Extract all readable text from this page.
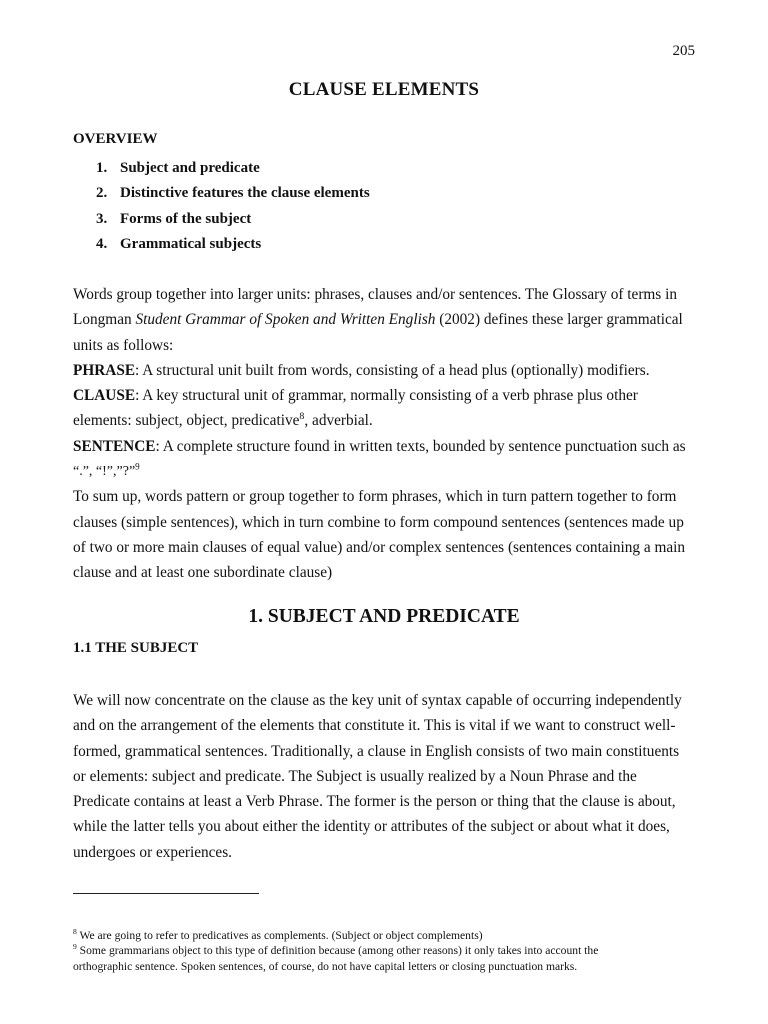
205
CLAUSE ELEMENTS
OVERVIEW
1. Subject and predicate
2. Distinctive features the clause elements
3. Forms of the subject
4. Grammatical subjects
Words group together into larger units: phrases, clauses and/or sentences. The Glossary of terms in
Longman Student Grammar of Spoken and Written English (2002) defines these larger grammatical
units as follows:
PHRASE: A structural unit built from words, consisting of a head plus (optionally) modifiers.
CLAUSE: A key structural unit of grammar, normally consisting of a verb phrase plus other
elements: subject, object, predicative$^8$, adverbial.
SENTENCE: A complete structure found in written texts, bounded by sentence punctuation such as
“.”, “!”,”?”$^9$
To sum up, words pattern or group together to form phrases, which in turn pattern together to form
clauses (simple sentences), which in turn combine to form compound sentences (sentences made up
of two or more main clauses of equal value) and/or complex sentences (sentences containing a main
clause and at least one subordinate clause)
1. SUBJECT AND PREDICATE
1.1 THE SUBJECT
We will now concentrate on the clause as the key unit of syntax capable of occurring independently
and on the arrangement of the elements that constitute it. This is vital if we want to construct well-
formed, grammatical sentences. Traditionally, a clause in English consists of two main constituents
or elements: subject and predicate. The Subject is usually realized by a Noun Phrase and the
Predicate contains at least a Verb Phrase. The former is the person or thing that the clause is about,
while the latter tells you about either the identity or attributes of the subject or about what it does,
undergoes or experiences.
$^8$ We are going to refer to predicatives as complements. (Subject or object complements)
$^9$ Some grammarians object to this type of definition because (among other reasons) it only takes into account the
orthographic sentence. Spoken sentences, of course, do not have capital letters or closing punctuation marks.
